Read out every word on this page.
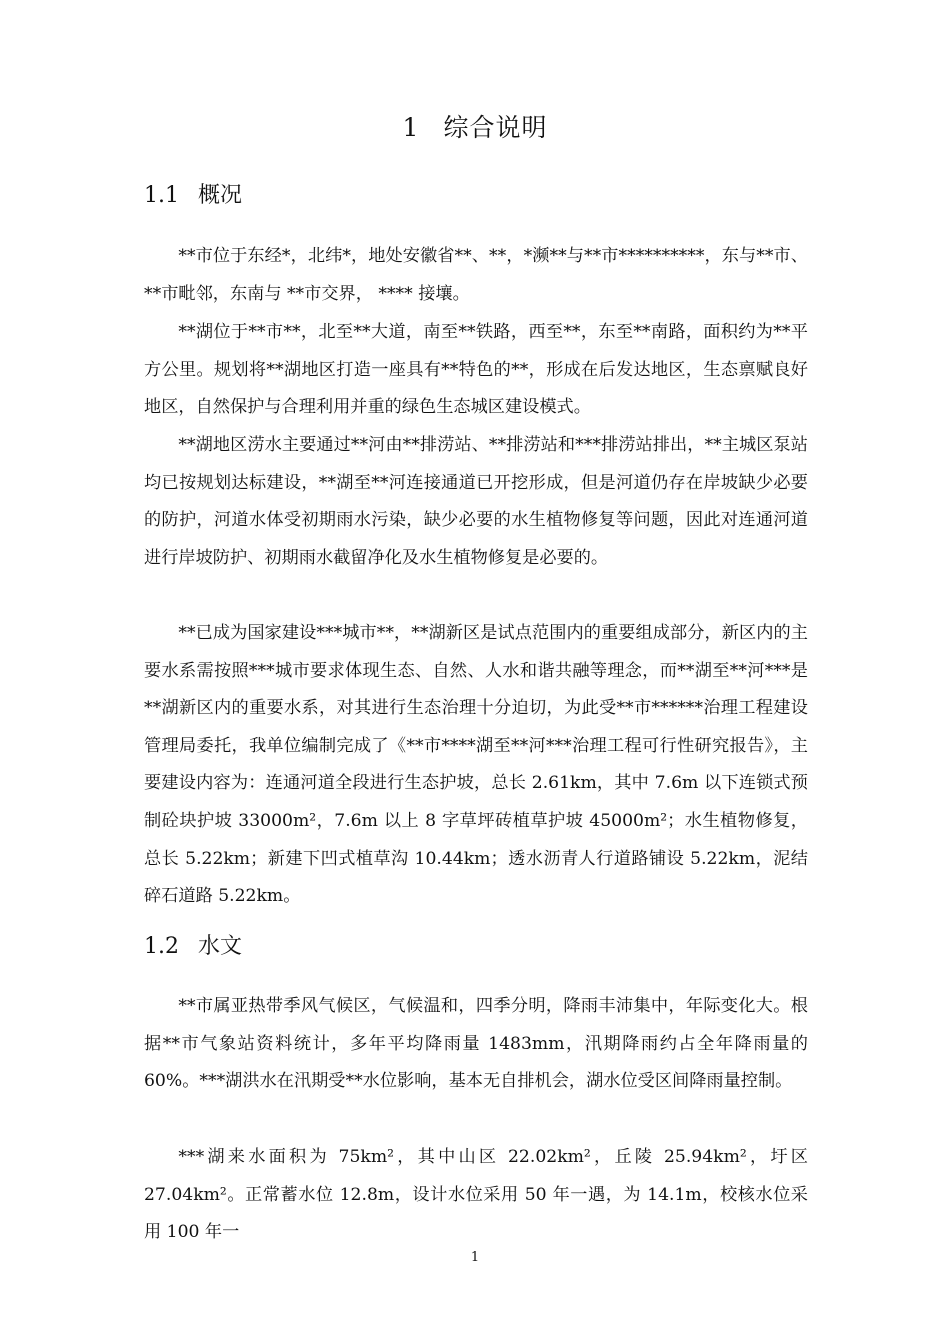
1 综合说明
1.1 概况

**市位于东经*，北纬*，地处安徽省**、**，*濒**与**市**********，东与**市、**市毗邻，东南与 **市交界， **** 接壤。

**湖位于**市**，北至**大道，南至**铁路，西至**，东至**南路，面积约为**平方公里。规划将**湖地区打造一座具有**特色的**，形成在后发达地区，生态禀赋良好地区，自然保护与合理利用并重的绿色生态城区建设模式。

**湖地区涝水主要通过**河由**排涝站、**排涝站和***排涝站排出，**主城区泵站均已按规划达标建设，**湖至**河连接通道已开挖形成，但是河道仍存在岸坡缺少必要的防护，河道水体受初期雨水污染，缺少必要的水生植物修复等问题，因此对连通河道进行岸坡防护、初期雨水截留净化及水生植物修复是必要的。

**已成为国家建设***城市**，**湖新区是试点范围内的重要组成部分，新区内的主要水系需按照***城市要求体现生态、自然、人水和谐共融等理念，而**湖至**河***是**湖新区内的重要水系，对其进行生态治理十分迫切，为此受**市******治理工程建设管理局委托，我单位编制完成了《**市****湖至**河***治理工程可行性研究报告》，主要建设内容为：连通河道全段进行生态护坡，总长 2.61km，其中 7.6m 以下连锁式预制砼块护坡 33000m²，7.6m 以上 8 字草坪砖植草护坡 45000m²；水生植物修复，总长 5.22km；新建下凹式植草沟 10.44km；透水沥青人行道路铺设 5.22km，泥结碎石道路 5.22km。

1.2 水文

**市属亚热带季风气候区，气候温和，四季分明，降雨丰沛集中，年际变化大。根据**市气象站资料统计，多年平均降雨量 1483mm，汛期降雨约占全年降雨量的 60%。***湖洪水在汛期受**水位影响，基本无自排机会，湖水位受区间降雨量控制。

***湖来水面积为 75km²，其中山区 22.02km²，丘陵 25.94km²，圩区 27.04km²。正常蓄水位 12.8m，设计水位采用 50 年一遇，为 14.1m，校核水位采用 100 年一

1
